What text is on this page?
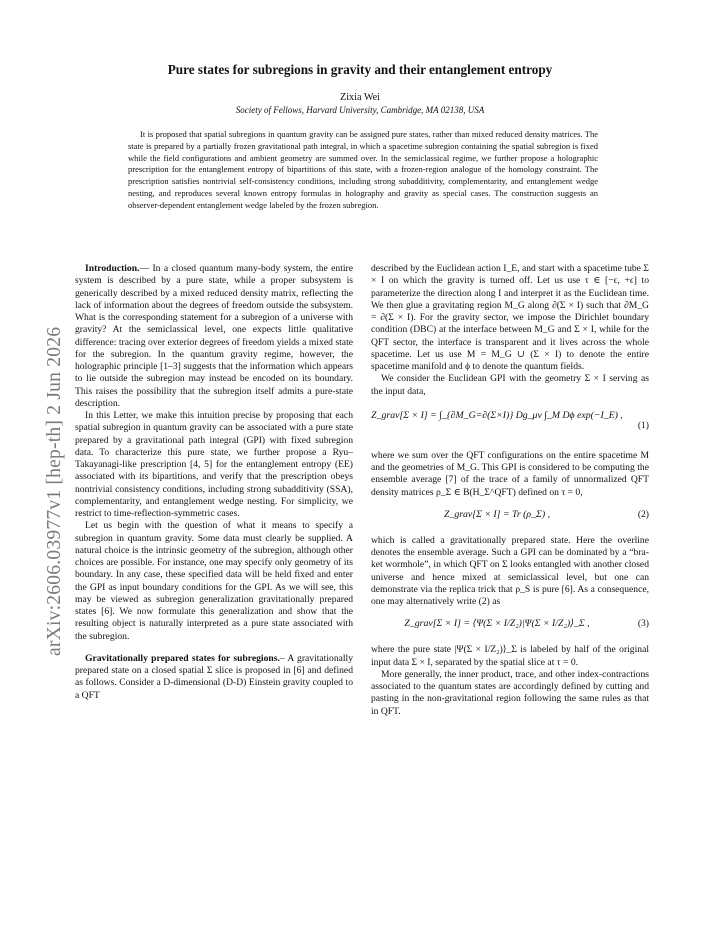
Pure states for subregions in gravity and their entanglement entropy
Zixia Wei
Society of Fellows, Harvard University, Cambridge, MA 02138, USA
It is proposed that spatial subregions in quantum gravity can be assigned pure states, rather than mixed reduced density matrices. The state is prepared by a partially frozen gravitational path integral, in which a spacetime subregion containing the spatial subregion is fixed while the field configurations and ambient geometry are summed over. In the semiclassical regime, we further propose a holographic prescription for the entanglement entropy of bipartitions of this state, with a frozen-region analogue of the homology constraint. The prescription satisfies nontrivial self-consistency conditions, including strong subadditivity, complementarity, and entanglement wedge nesting, and reproduces several known entropy formulas in holography and gravity as special cases. The construction suggests an observer-dependent entanglement wedge labeled by the frozen subregion.
arXiv:2606.03977v1 [hep-th] 2 Jun 2026

Introduction.— In a closed quantum many-body system, the entire system is described by a pure state, while a proper subsystem is generically described by a mixed reduced density matrix, reflecting the lack of information about the degrees of freedom outside the subsystem. What is the corresponding statement for a subregion of a universe with gravity? At the semiclassical level, one expects little qualitative difference: tracing over exterior degrees of freedom yields a mixed state for the subregion. In the quantum gravity regime, however, the holographic principle [1–3] suggests that the information which appears to lie outside the subregion may instead be encoded on its boundary. This raises the possibility that the subregion itself admits a pure-state description.

In this Letter, we make this intuition precise by proposing that each spatial subregion in quantum gravity can be associated with a pure state prepared by a gravitational path integral (GPI) with fixed subregion data. To characterize this pure state, we further propose a Ryu–Takayanagi-like prescription [4, 5] for the entanglement entropy (EE) associated with its bipartitions, and verify that the prescription obeys nontrivial consistency conditions, including strong subadditivity (SSA), complementarity, and entanglement wedge nesting. For simplicity, we restrict to time-reflection-symmetric cases.

Let us begin with the question of what it means to specify a subregion in quantum gravity. Some data must clearly be supplied. A natural choice is the intrinsic geometry of the subregion, although other choices are possible. For instance, one may specify only geometry of its boundary. In any case, these specified data will be held fixed and enter the GPI as input boundary conditions for the GPI. As we will see, this may be viewed as subregion generalization gravitationally prepared states [6]. We now formulate this generalization and show that the resulting object is naturally interpreted as a pure state associated with the subregion.

Gravitationally prepared states for subregions.– A gravitationally prepared state on a closed spatial Σ slice is proposed in [6] and defined as follows. Consider a D-dimensional (D-D) Einstein gravity coupled to a QFT

described by the Euclidean action I_E, and start with a spacetime tube Σ × I on which the gravity is turned off. Let us use τ ∈ [−ϵ, +ϵ] to parameterize the direction along I and interpret it as the Euclidean time. We then glue a gravitating region M_G along ∂(Σ × I) such that ∂M_G = ∂(Σ × I). For the gravity sector, we impose the Dirichlet boundary condition (DBC) at the interface between M_G and Σ × I, while for the QFT sector, the interface is transparent and it lives across the whole spacetime. Let us use M = M_G ∪ (Σ × I) to denote the entire spacetime manifold and ϕ to denote the quantum fields.

We consider the Euclidean GPI with the geometry Σ × I serving as the input data,

Z_grav[Σ × I] = ∫_{∂M_G=∂(Σ×I)} Dg_μν ∫_M Dϕ exp(−I_E) ,
(1)

where we sum over the QFT configurations on the entire spacetime M and the geometries of M_G. This GPI is considered to be computing the ensemble average [7] of the trace of a family of unnormalized QFT density matrices ρ_Σ ∈ B(H_Σ^QFT) defined on τ = 0,

Z_grav[Σ × I] = Tr (ρ_Σ) ,	(2)

which is called a gravitationally prepared state. Here the overline denotes the ensemble average. Such a GPI can be dominated by a “bra-ket wormhole”, in which QFT on Σ looks entangled with another closed universe and hence mixed at semiclassical level, but one can demonstrate via the replica trick that ρ_S is pure [6]. As a consequence, one may alternatively write (2) as

Z_grav[Σ × I] = ⟨Ψ(Σ × I/Z₂)|Ψ(Σ × I/Z₂)⟩_Σ ,	(3)

where the pure state |Ψ(Σ × I/Z₂)⟩_Σ is labeled by half of the original input data Σ × I, separated by the spatial slice at τ = 0.

More generally, the inner product, trace, and other index-contractions associated to the quantum states are accordingly defined by cutting and pasting in the non-gravitational region following the same rules as that in QFT.
